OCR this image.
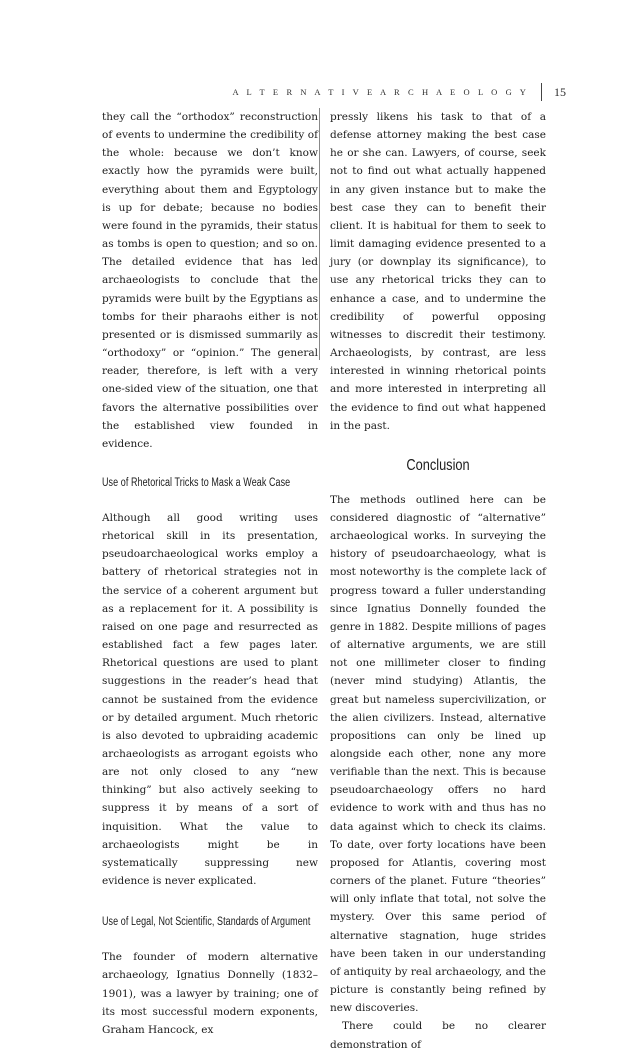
A L T E R N A T I V E A R C H A E O L O G Y	15

they call the “orthodox” reconstruction of events to undermine the credibility of the whole: because we don’t know exactly how the pyramids were built, everything about them and Egyptology is up for debate; because no bodies were found in the pyramids, their status as tombs is open to question; and so on. The detailed evidence that has led archaeologists to conclude that the pyramids were built by the Egyptians as tombs for their pharaohs either is not presented or is dismissed summarily as “orthodoxy” or “opinion.” The general reader, therefore, is left with a very one-sided view of the situation, one that favors the alternative possibilities over the established view founded in evidence.

Use of Rhetorical Tricks to Mask a Weak Case

Although all good writing uses rhetorical skill in its presentation, pseudoarchaeological works employ a battery of rhetorical strategies not in the service of a coherent argument but as a replacement for it. A possibility is raised on one page and resurrected as established fact a few pages later. Rhetorical questions are used to plant suggestions in the reader’s head that cannot be sustained from the evidence or by detailed argument. Much rhetoric is also devoted to upbraiding academic archaeologists as arrogant egoists who are not only closed to any “new thinking” but also actively seeking to suppress it by means of a sort of inquisition. What the value to archaeologists might be in systematically suppressing new evidence is never explicated.

Use of Legal, Not Scientific, Standards of Argument

The founder of modern alternative archaeology, Ignatius Donnelly (1832–1901), was a lawyer by training; one of its most successful modern exponents, Graham Hancock, ex

pressly likens his task to that of a defense attorney making the best case he or she can. Lawyers, of course, seek not to find out what actually happened in any given instance but to make the best case they can to benefit their client. It is habitual for them to seek to limit damaging evidence presented to a jury (or downplay its significance), to use any rhetorical tricks they can to enhance a case, and to undermine the credibility of powerful opposing witnesses to discredit their testimony. Archaeologists, by contrast, are less interested in winning rhetorical points and more interested in interpreting all the evidence to find out what happened in the past.

Conclusion

The methods outlined here can be considered diagnostic of “alternative” archaeological works. In surveying the history of pseudoarchaeology, what is most noteworthy is the complete lack of progress toward a fuller understanding since Ignatius Donnelly founded the genre in 1882. Despite millions of pages of alternative arguments, we are still not one millimeter closer to finding (never mind studying) Atlantis, the great but nameless supercivilization, or the alien civilizers. Instead, alternative propositions can only be lined up alongside each other, none any more verifiable than the next. This is because pseudoarchaeology offers no hard evidence to work with and thus has no data against which to check its claims. To date, over forty locations have been proposed for Atlantis, covering most corners of the planet. Future “theories” will only inflate that total, not solve the mystery. Over this same period of alternative stagnation, huge strides have been taken in our understanding of antiquity by real archaeology, and the picture is constantly being refined by new discoveries.

There could be no clearer demonstration of
